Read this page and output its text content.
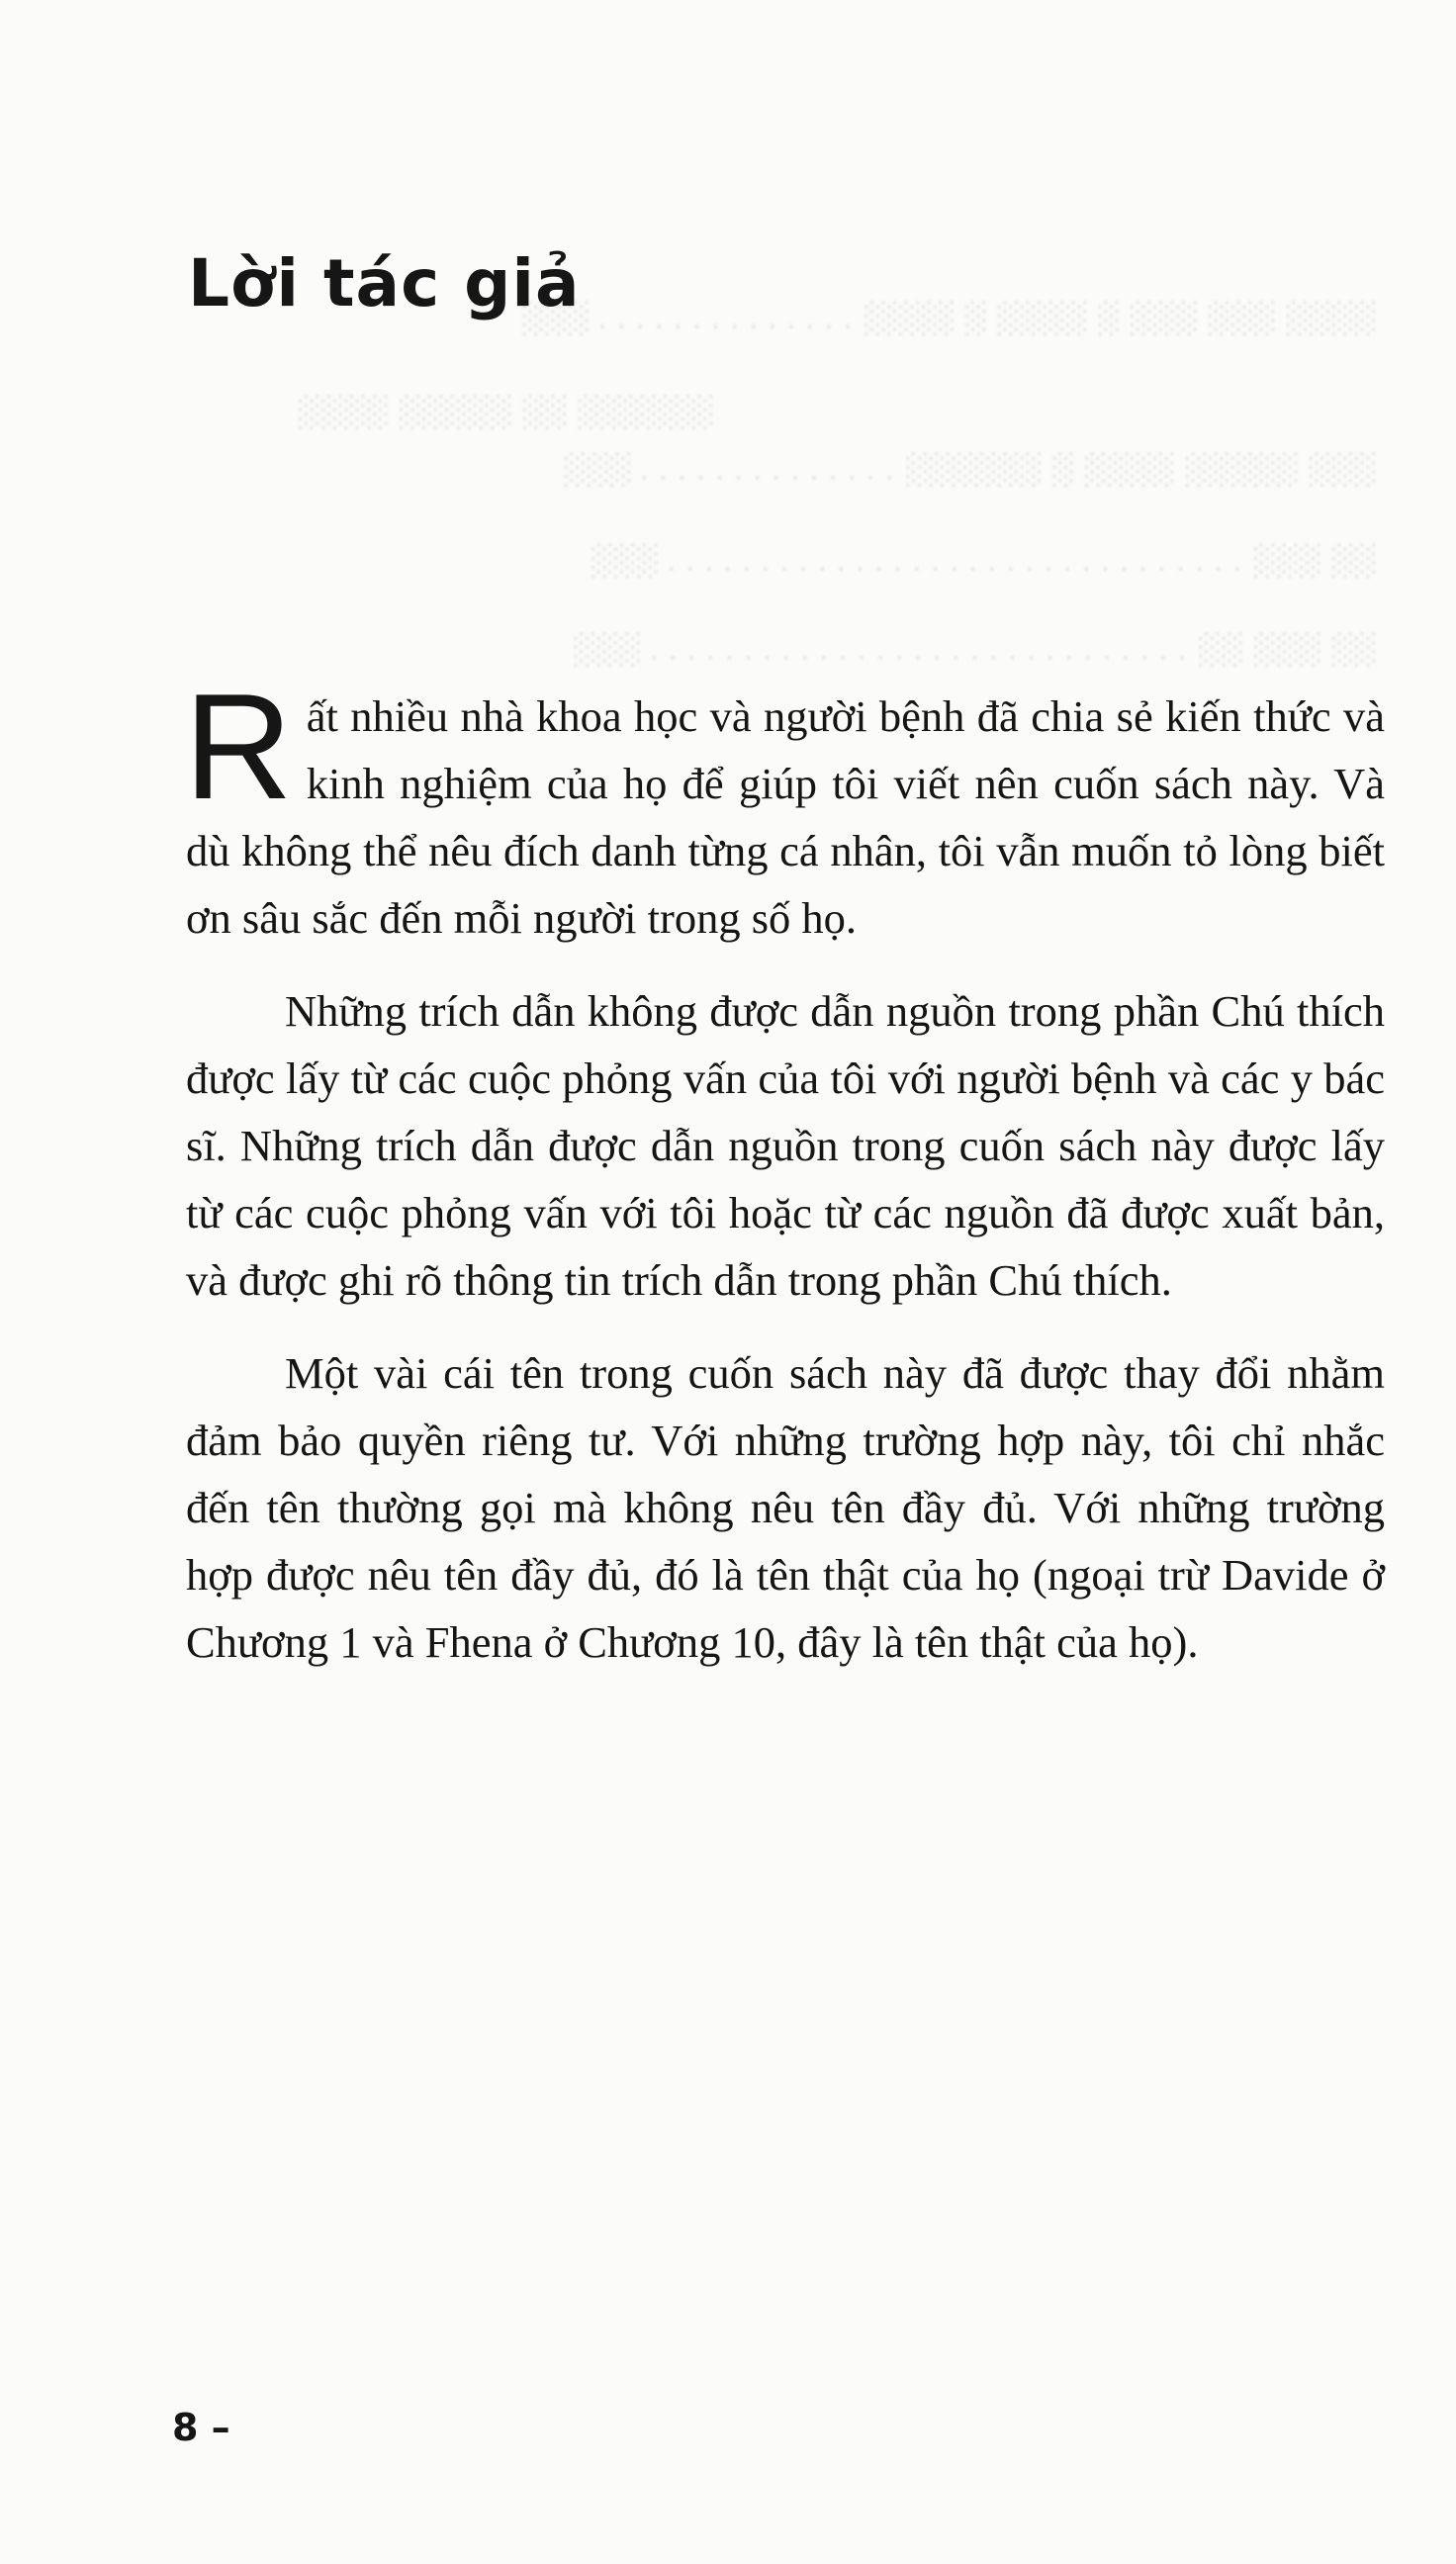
░░░░ ░░░ ░░░ ░ ░░░░ ░ ░░░░ . . . . . . . . . . . . . . ░░░
░░░░░░ ░░ ░░░░░ ░░░░
░░░ ░░░░░ ░░░░ ░ ░░░░░░ . . . . . . . . . . . . . . ░░░
░░ ░░░ . . . . . . . . . . . . . . . . . . . . . . . . . . . . . . . ░░░
░░ ░░░ ░░ . . . . . . . . . . . . . . . . . . . . . . . . . . . . . ░░░
Lời tác giả

Rất nhiều nhà khoa học và người bệnh đã chia sẻ kiến thức và kinh nghiệm của họ để giúp tôi viết nên cuốn sách này. Và dù không thể nêu đích danh từng cá nhân, tôi vẫn muốn tỏ lòng biết ơn sâu sắc đến mỗi người trong số họ.

Những trích dẫn không được dẫn nguồn trong phần Chú thích được lấy từ các cuộc phỏng vấn của tôi với người bệnh và các y bác sĩ. Những trích dẫn được dẫn nguồn trong cuốn sách này được lấy từ các cuộc phỏng vấn với tôi hoặc từ các nguồn đã được xuất bản, và được ghi rõ thông tin trích dẫn trong phần Chú thích.

Một vài cái tên trong cuốn sách này đã được thay đổi nhằm đảm bảo quyền riêng tư. Với những trường hợp này, tôi chỉ nhắc đến tên thường gọi mà không nêu tên đầy đủ. Với những trường hợp được nêu tên đầy đủ, đó là tên thật của họ (ngoại trừ Davide ở Chương 1 và Fhena ở Chương 10, đây là tên thật của họ).

8 –
